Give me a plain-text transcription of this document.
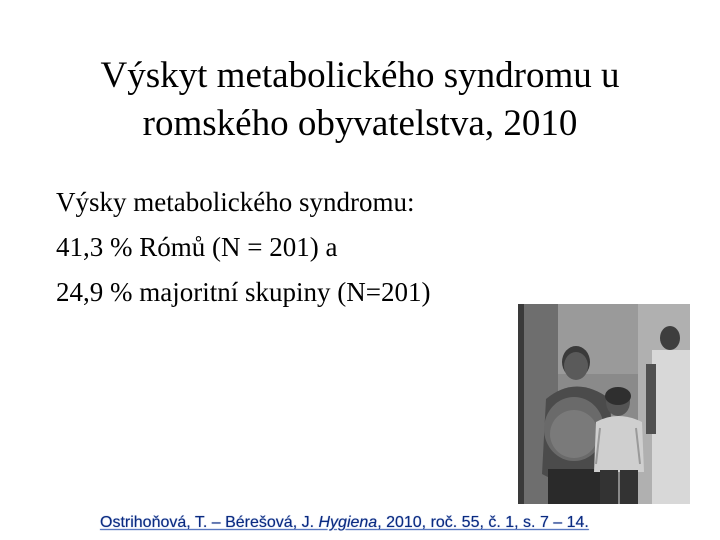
Výskyt metabolického syndromu u
romského obyvatelstva, 2010
Výsky metabolického syndromu:
41,3 % Rómů (N = 201) a
24,9 % majoritní skupiny (N=201)
Ostrihoňová, T. – Bérešová, J. Hygiena, 2010, roč. 55, č. 1, s. 7 – 14.
